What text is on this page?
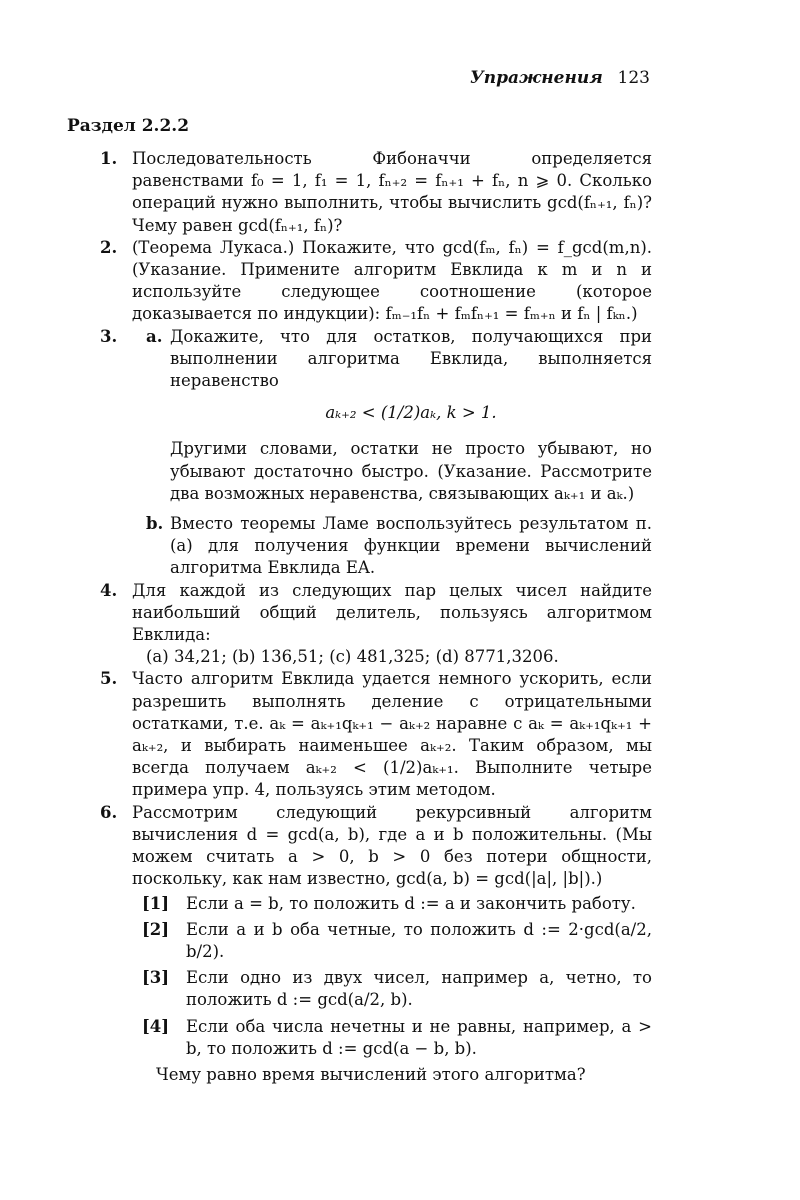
Упражнения 123
Раздел 2.2.2
1. Последовательность Фибоначчи определяется равенствами f₀ = 1, f₁ = 1, fₙ₊₂ = fₙ₊₁ + fₙ, n ⩾ 0. Сколько операций нужно выполнить, чтобы вычислить gcd(fₙ₊₁, fₙ)? Чему равен gcd(fₙ₊₁, fₙ)?
2. (Теорема Лукаса.) Покажите, что gcd(fₘ, fₙ) = f_gcd(m,n). (Указание. Примените алгоритм Евклида к m и n и используйте следующее соотношение (которое доказывается по индукции): fₘ₋₁fₙ + fₘfₙ₊₁ = fₘ₊ₙ и fₙ | fₖₙ.)
3.	a. Докажите, что для остатков, получающихся при выполнении алгоритма Евклида, выполняется неравенство

aₖ₊₂ < (1/2)aₖ, k > 1.

Другими словами, остатки не просто убывают, но убывают достаточно быстро. (Указание. Рассмотрите два возможных неравенства, связывающих aₖ₊₁ и aₖ.)

b. Вместо теоремы Ламе воспользуйтесь результатом п. (а) для получения функции времени вычислений алгоритма Евклида EA.
4. Для каждой из следующих пар целых чисел найдите наибольший общий делитель, пользуясь алгоритмом Евклида:

(a) 34,21; (b) 136,51; (c) 481,325; (d) 8771,3206.

5. Часто алгоритм Евклида удается немного ускорить, если разрешить выполнять деление с отрицательными остатками, т.е. aₖ = aₖ₊₁qₖ₊₁ − aₖ₊₂ наравне с aₖ = aₖ₊₁qₖ₊₁ + aₖ₊₂, и выбирать наименьшее aₖ₊₂. Таким образом, мы всегда получаем aₖ₊₂ < (1/2)aₖ₊₁. Выполните четыре примера упр. 4, пользуясь этим методом.
6. Рассмотрим следующий рекурсивный алгоритм вычисления d = gcd(a, b), где a и b положительны. (Мы можем считать a > 0, b > 0 без потери общности, поскольку, как нам известно, gcd(a, b) = gcd(|a|, |b|).)

[1]	Если a = b, то положить d := a и закончить работу.
[2]	Если a и b оба четные, то положить d := 2·gcd(a/2, b/2).
[3]	Если одно из двух чисел, например a, четно, то положить d := gcd(a/2, b).
[4]	Если оба числа нечетны и не равны, например, a > b, то положить d := gcd(a − b, b).

Чему равно время вычислений этого алгоритма?
